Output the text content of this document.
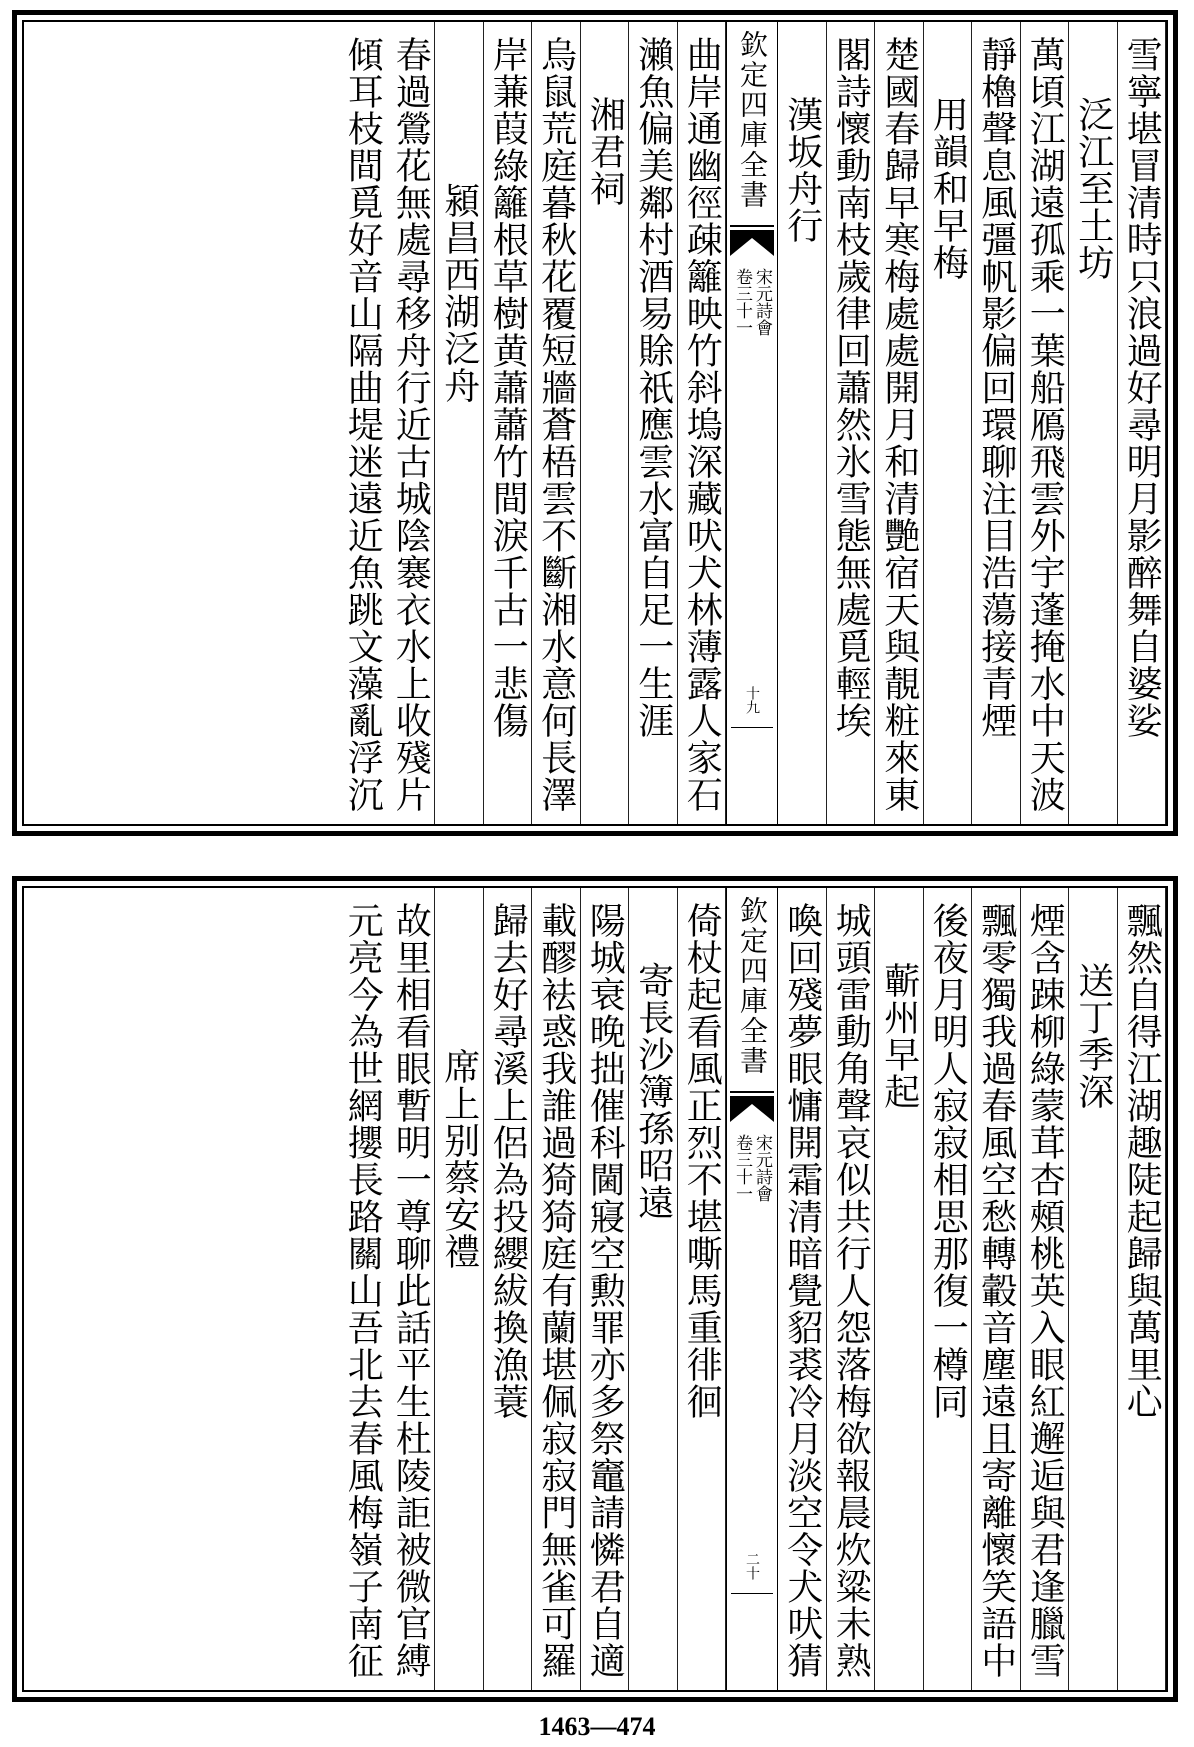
雪寧堪冒清時只浪過好尋明月影醉舞自婆娑
泛江至土坊
萬頃江湖遠孤乘一葉船鴈飛雲外宇蓬掩水中天波
靜櫓聲息風彊帆影偏回環聊注目浩蕩接青煙
用韻和早梅
楚國春歸早寒梅處處開月和清艷宿天與靚粧來東
閣詩懷動南枝歲律回蕭然氷雪態無處覓輕埃
漢坂舟行
欽定四庫全書
宋元詩會
卷三十一
十九
曲岸通幽徑疎籬映竹斜塢深藏吠犬林薄露人家石
瀨魚偏美鄰村酒易賖祇應雲水富自足一生涯
湘君祠
烏鼠荒庭暮秋花覆短牆蒼梧雲不斷湘水意何長澤
岸蒹葭綠籬根草樹黄蕭蕭竹間淚千古一悲傷
潁昌西湖泛舟
春過鶯花無處尋移舟行近古城陰褰衣水上收殘片
傾耳枝間覓好音山隔曲堤迷遠近魚跳文藻亂浮沉
飄然自得江湖趣陡起歸與萬里心
送丁季深
煙含踈柳綠蒙茸杏頰桃英入眼紅邂逅與君逢臘雪
飄零獨我過春風空愁轉轂音塵遠且寄離懷笑語中
後夜月明人寂寂相思那復一樽同
蘄州早起
城頭雷動角聲哀似共行人怨落梅欲報晨炊粱未熟
喚回殘夢眼慵開霜清暗覺貂裘冷月淡空令犬吠猜
欽定四庫全書
宋元詩會
卷三十一
二十
倚杖起看風正烈不堪嘶馬重徘徊
寄長沙簿孫昭遠
陽城衰晚拙催科閫寢空勲罪亦多祭竈請憐君自適
載醪袪惑我誰過猗猗庭有蘭堪佩寂寂門無雀可羅
歸去好尋溪上侶為投纓紱換漁蓑
席上别蔡安禮
故里相看眼暫明一尊聊此話平生杜陵詎被微官縛
元亮今為世網攖長路關山吾北去春風梅嶺子南征
1463—474
